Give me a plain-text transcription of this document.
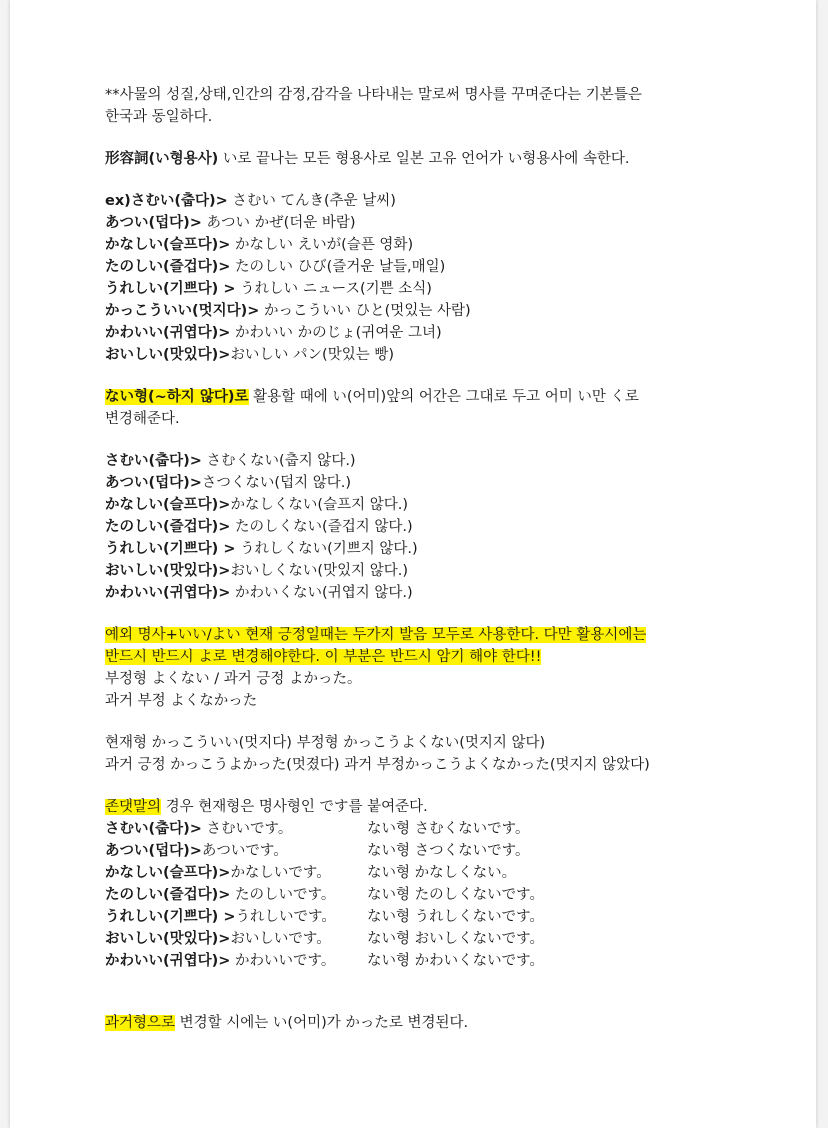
**사물의 성질,상태,인간의 감정,감각을 나타내는 말로써 명사를 꾸며준다는 기본틀은
한국과 동일하다.
形容詞(い형용사) い로 끝나는 모든 형용사로 일본 고유 언어가 い형용사에 속한다.
ex)さむい(춥다)> さむい てんき(추운 날씨)
あつい(덥다)> あつい かぜ(더운 바람)
かなしい(슬프다)> かなしい えいが(슬픈 영화)
たのしい(즐겁다)> たのしい ひび(즐거운 날들,매일)
うれしい(기쁘다) > うれしい ニュース(기쁜 소식)
かっこういい(멋지다)> かっこういい ひと(멋있는 사람)
かわいい(귀엽다)> かわいい かのじょ(귀여운 그녀)
おいしい(맛있다)>おいしい パン(맛있는 빵)
ない형(~하지 않다)로 활용할 때에 い(어미)앞의 어간은 그대로 두고 어미 い만 く로
변경해준다.
さむい(춥다)> さむくない(춥지 않다.)
あつい(덥다)>さつくない(덥지 않다.)
かなしい(슬프다)>かなしくない(슬프지 않다.)
たのしい(즐겁다)> たのしくない(즐겁지 않다.)
うれしい(기쁘다) > うれしくない(기쁘지 않다.)
おいしい(맛있다)>おいしくない(맛있지 않다.)
かわいい(귀엽다)> かわいくない(귀엽지 않다.)
예외 명사+いい/よい 현재 긍정일때는 두가지 발음 모두로 사용한다. 다만 활용시에는
반드시 반드시 よ로 변경해야한다. 이 부분은 반드시 암기 해야 한다!!
부정형 よくない / 과거 긍정 よかった。
과거 부정 よくなかった
현재형 かっこういい(멋지다) 부정형 かっこうよくない(멋지지 않다)
과거 긍정 かっこうよかった(멋졌다) 과거 부정かっこうよくなかった(멋지지 않았다)
존댓말의 경우 현재형은 명사형인 です를 붙여준다.
さむい(춥다)> さむいです。	ない형 さむくないです。
あつい(덥다)>あついです。	ない형 さつくないです。
かなしい(슬프다)>かなしいです。 ない형 かなしくない。
たのしい(즐겁다)> たのしいです。 ない형 たのしくないです。
うれしい(기쁘다) >うれしいです。 ない형 うれしくないです。
おいしい(맛있다)>おいしいです。 ない형 おいしくないです。
かわいい(귀엽다)> かわいいです。 ない형 かわいくないです。
과거형으로 변경할 시에는 い(어미)가 かった로 변경된다.
